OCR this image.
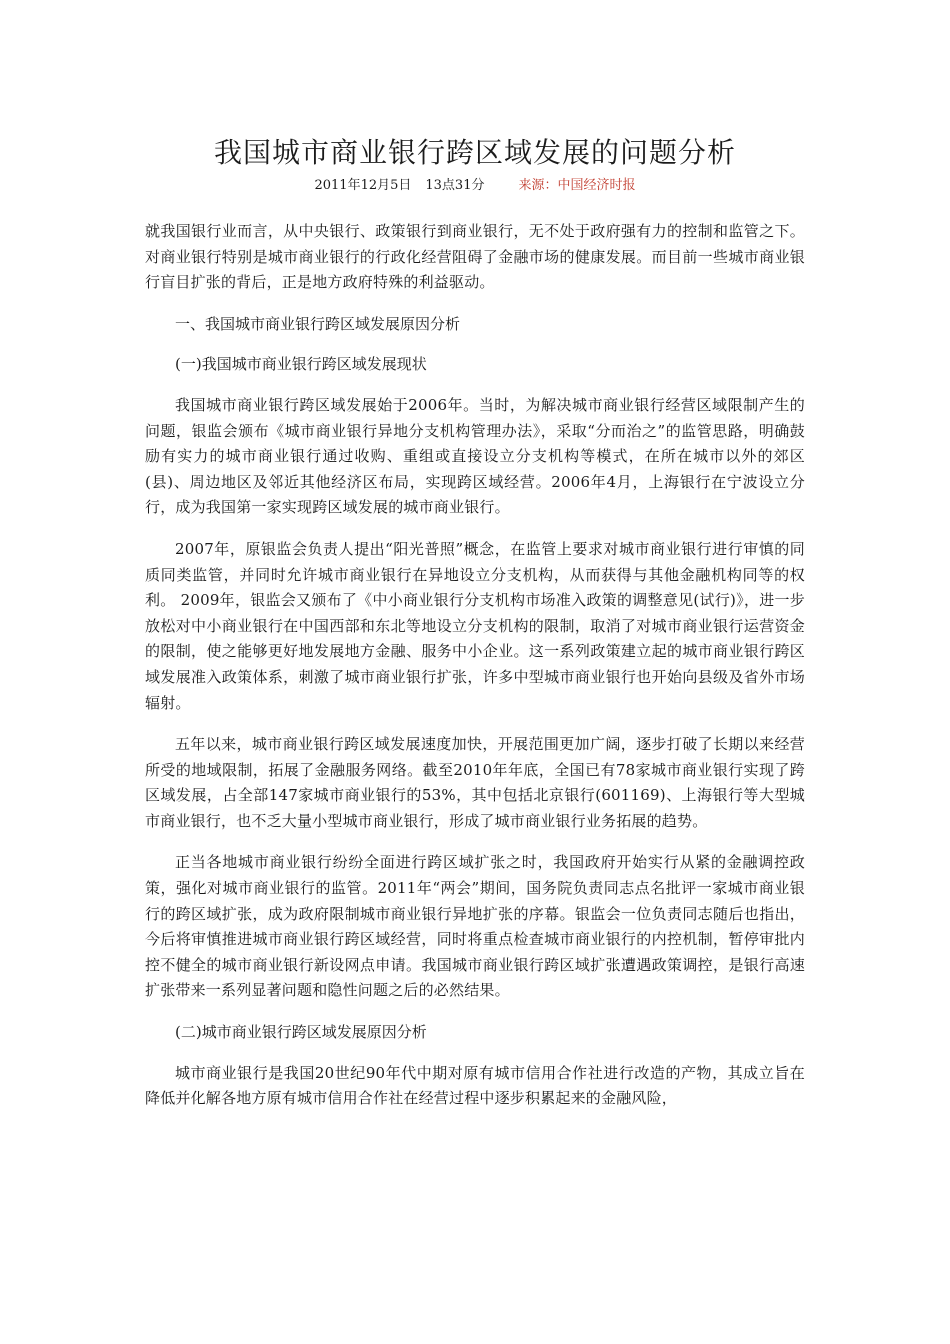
我国城市商业银行跨区域发展的问题分析
2011年12月5日 13点31分	来源：中国经济时报

就我国银行业而言，从中央银行、政策银行到商业银行，无不处于政府强有力的控制和监管之下。对商业银行特别是城市商业银行的行政化经营阻碍了金融市场的健康发展。而目前一些城市商业银行盲目扩张的背后，正是地方政府特殊的利益驱动。

一、我国城市商业银行跨区域发展原因分析

(一)我国城市商业银行跨区域发展现状

我国城市商业银行跨区域发展始于2006年。当时，为解决城市商业银行经营区域限制产生的问题，银监会颁布《城市商业银行异地分支机构管理办法》，采取“分而治之”的监管思路，明确鼓励有实力的城市商业银行通过收购、重组或直接设立分支机构等模式，在所在城市以外的郊区(县)、周边地区及邻近其他经济区布局，实现跨区域经营。2006年4月，上海银行在宁波设立分行，成为我国第一家实现跨区域发展的城市商业银行。

2007年，原银监会负责人提出“阳光普照”概念，在监管上要求对城市商业银行进行审慎的同质同类监管，并同时允许城市商业银行在异地设立分支机构，从而获得与其他金融机构同等的权利。 2009年，银监会又颁布了《中小商业银行分支机构市场准入政策的调整意见(试行)》，进一步放松对中小商业银行在中国西部和东北等地设立分支机构的限制，取消了对城市商业银行运营资金的限制，使之能够更好地发展地方金融、服务中小企业。这一系列政策建立起的城市商业银行跨区域发展准入政策体系，刺激了城市商业银行扩张，许多中型城市商业银行也开始向县级及省外市场辐射。

五年以来，城市商业银行跨区域发展速度加快，开展范围更加广阔，逐步打破了长期以来经营所受的地域限制，拓展了金融服务网络。截至2010年年底，全国已有78家城市商业银行实现了跨区域发展，占全部147家城市商业银行的53%，其中包括北京银行(601169)、上海银行等大型城市商业银行，也不乏大量小型城市商业银行，形成了城市商业银行业务拓展的趋势。

正当各地城市商业银行纷纷全面进行跨区域扩张之时，我国政府开始实行从紧的金融调控政策，强化对城市商业银行的监管。2011年“两会”期间，国务院负责同志点名批评一家城市商业银行的跨区域扩张，成为政府限制城市商业银行异地扩张的序幕。银监会一位负责同志随后也指出，今后将审慎推进城市商业银行跨区域经营，同时将重点检查城市商业银行的内控机制，暂停审批内控不健全的城市商业银行新设网点申请。我国城市商业银行跨区域扩张遭遇政策调控，是银行高速扩张带来一系列显著问题和隐性问题之后的必然结果。

(二)城市商业银行跨区域发展原因分析

城市商业银行是我国20世纪90年代中期对原有城市信用合作社进行改造的产物，其成立旨在降低并化解各地方原有城市信用合作社在经营过程中逐步积累起来的金融风险，
